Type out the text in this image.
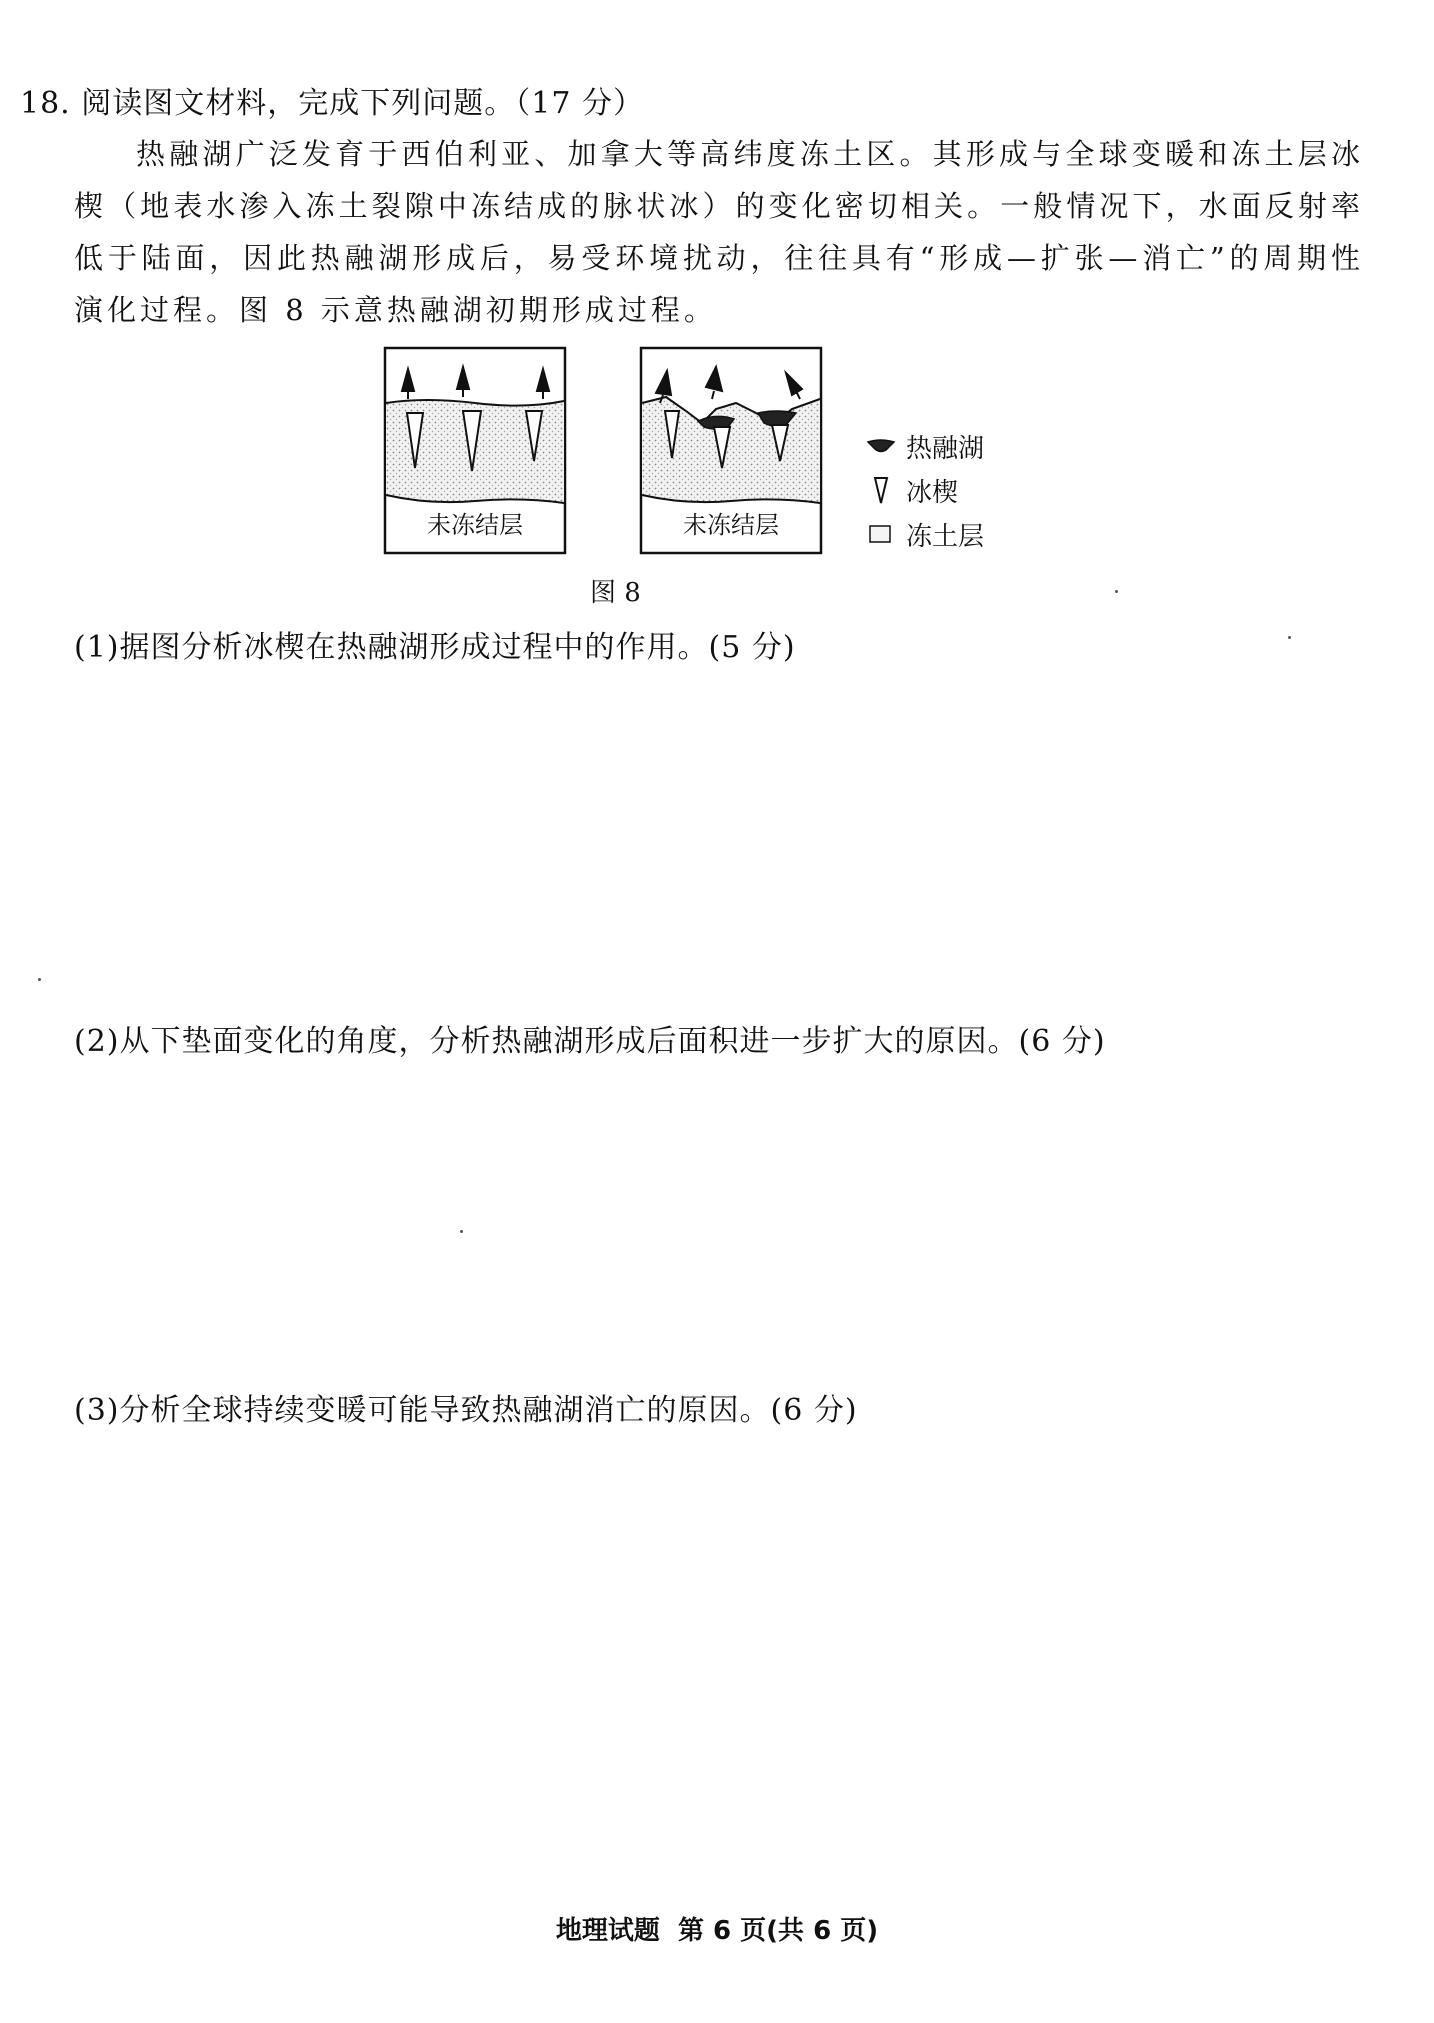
18. 阅读图文材料，完成下列问题。（17 分）
热融湖广泛发育于西伯利亚、加拿大等高纬度冻土区。其形成与全球变暖和冻土层冰楔（地表水渗入冻土裂隙中冻结成的脉状冰）的变化密切相关。一般情况下，水面反射率低于陆面，因此热融湖形成后，易受环境扰动，往往具有“形成—扩张—消亡”的周期性演化过程。图 8 示意热融湖初期形成过程。
未冻结层	未冻结层
热融湖
冰楔
冻土层
图 8
(1)据图分析冰楔在热融湖形成过程中的作用。(5 分)
(2)从下垫面变化的角度，分析热融湖形成后面积进一步扩大的原因。(6 分)
(3)分析全球持续变暖可能导致热融湖消亡的原因。(6 分)
地理试题  第 6 页(共 6 页)
